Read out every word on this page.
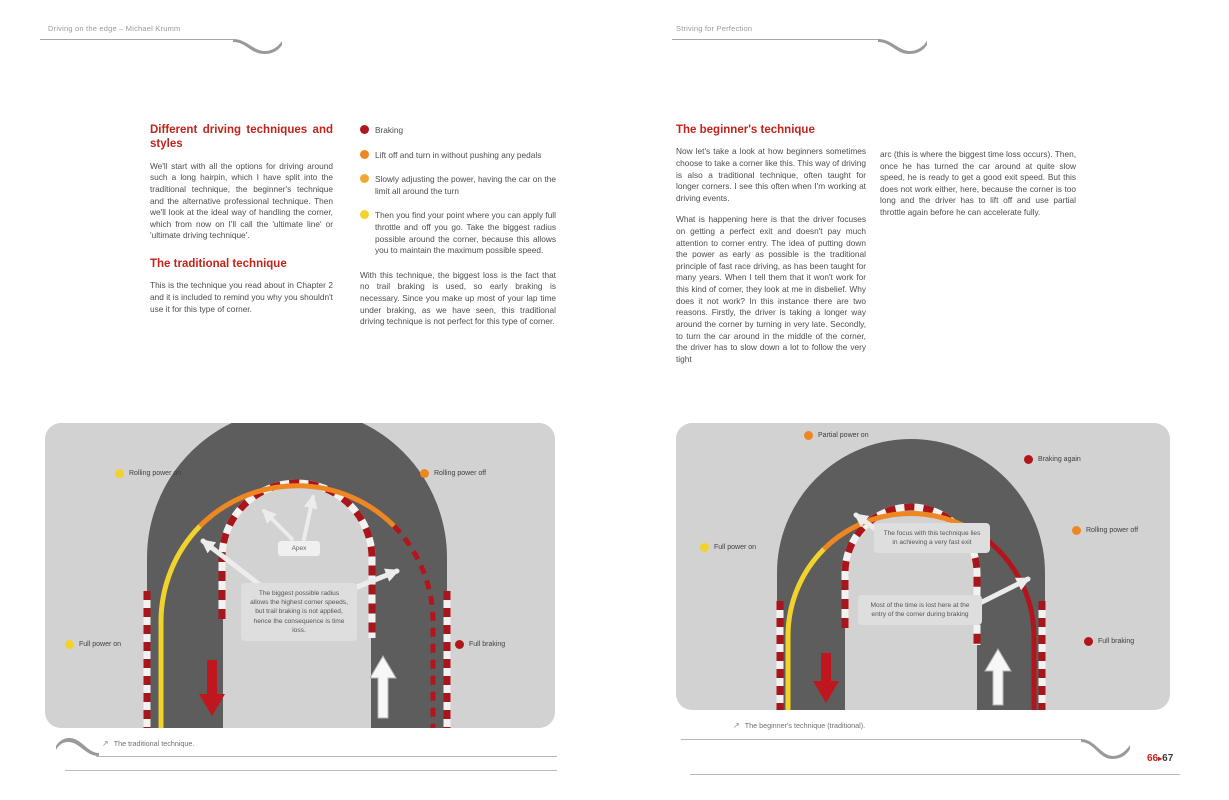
Driving on the edge – Michael Krumm
Different driving techniques and styles

We'll start with all the options for driving around such a long hairpin, which I have split into the traditional technique, the beginner's technique and the alternative professional technique. Then we'll look at the ideal way of handling the corner, which from now on I'll call the 'ultimate line' or 'ultimate driving technique'.

The traditional technique

This is the technique you read about in Chapter 2 and it is included to remind you why you shouldn't use it for this type of corner.

Braking
Lift off and turn in without pushing any pedals
Slowly adjusting the power, having the car on the limit all around the turn
Then you find your point where you can apply full throttle and off you go. Take the biggest radius possible around the corner, because this allows you to maintain the maximum possible speed.

With this technique, the biggest loss is the fact that no trail braking is used, so early braking is necessary. Since you make up most of your lap time under braking, as we have seen, this traditional driving technique is not perfect for this type of corner.

Rolling power on	Rolling power off
Full power on	Full braking
Apex
The biggest possible radius allows the highest corner speeds, but trail braking is not applied, hence the consequence is time loss.
↗ The traditional technique.
Striving for Perfection
The beginner's technique

Now let's take a look at how beginners sometimes choose to take a corner like this. This way of driving is also a traditional technique, often taught for longer corners. I see this often when I'm working at driving events.

What is happening here is that the driver focuses on getting a perfect exit and doesn't pay much attention to corner entry. The idea of putting down the power as early as possible is the traditional principle of fast race driving, as has been taught for many years. When I tell them that it won't work for this kind of corner, they look at me in disbelief. Why does it not work? In this instance there are two reasons. Firstly, the driver is taking a longer way around the corner by turning in very late. Secondly, to turn the car around in the middle of the corner, the driver has to slow down a lot to follow the very tight

arc (this is where the biggest time loss occurs). Then, once he has turned the car around at quite slow speed, he is ready to get a good exit speed. But this does not work either, here, because the corner is too long and the driver has to lift off and use partial throttle again before he can accelerate fully.

Partial power on
Braking again
Rolling power off
Full power on
Full braking
The focus with this technique lies in achieving a very fast exit
Most of the time is lost here at the entry of the corner during braking
↗ The beginner's technique (traditional).
66▸67
